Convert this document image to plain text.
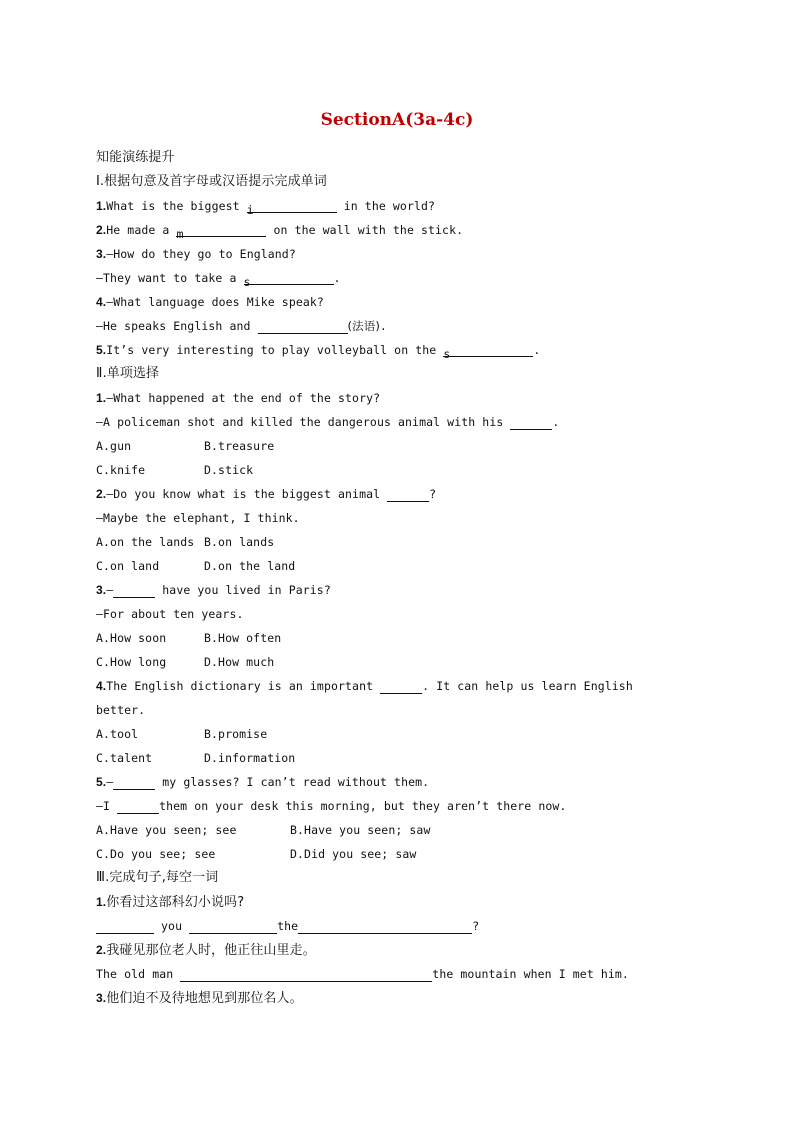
SectionA(3a-4c)
知能演练提升
Ⅰ.根据句意及首字母或汉语提示完成单词
1.What is the biggest i	in the world?
2.He made a m	on the wall with the stick.
3.—How do they go to England?
—They want to take a s	.
4.—What language does Mike speak?
—He speaks English and	(法语).
5.It’s very interesting to play volleyball on the s	.
Ⅱ.单项选择
1.—What happened at the end of the story?
—A policeman shot and killed the dangerous animal with his	.
A.gun	B.treasure
C.knife	D.stick
2.—Do you know what is the biggest animal	?
—Maybe the elephant, I think.
A.on the lands B.on lands
C.on land	D.on the land
3.—	have you lived in Paris?
—For about ten years.
A.How soon	B.How often
C.How long	D.How much
4.The English dictionary is an important	. It can help us learn English
better.
A.tool	B.promise
C.talent	D.information
5.—	my glasses? I can’t read without them.
—I	them on your desk this morning, but they aren’t there now.
A.Have you seen; see	B.Have you seen; saw
C.Do you see; see	D.Did you see; saw
Ⅲ.完成句子,每空一词
1.你看过这部科幻小说吗?
you	the	?
2.我碰见那位老人时，他正往山里走。
The old man	the mountain when I met him.
3.他们迫不及待地想见到那位名人。
